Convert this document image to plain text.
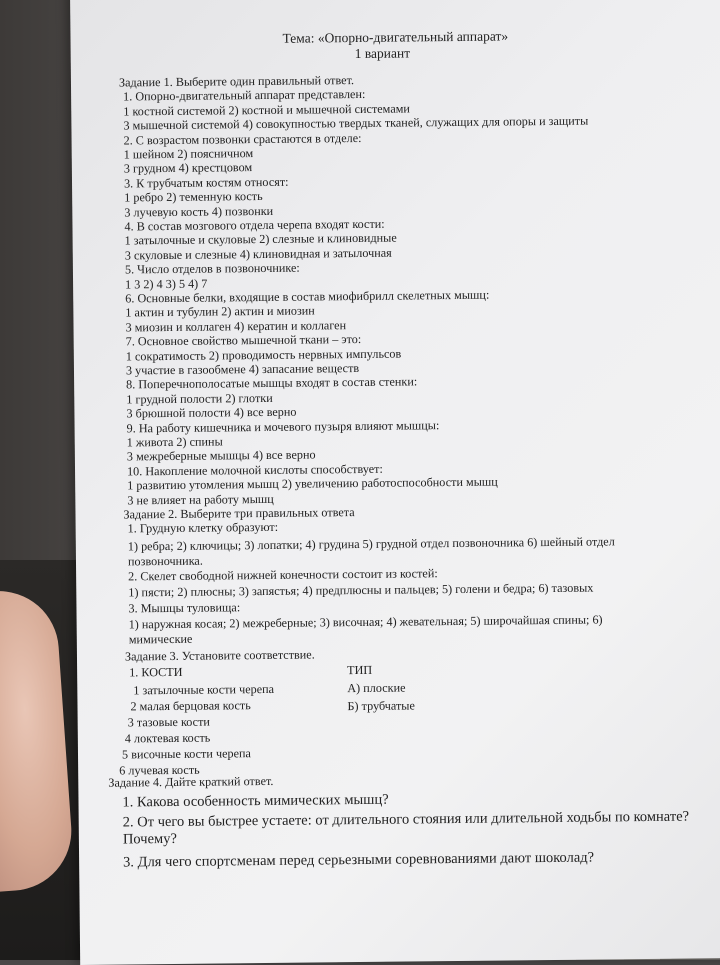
Тема: «Опорно-двигательный аппарат»
1 вариант
Задание 1. Выберите один правильный ответ.
1. Опорно-двигательный аппарат представлен:
1 костной системой 2) костной и мышечной системами
3 мышечной системой 4) совокупностью твердых тканей, служащих для опоры и защиты
2. С возрастом позвонки срастаются в отделе:
1 шейном 2) поясничном
3 грудном 4) крестцовом
3. К трубчатым костям относят:
1 ребро 2) теменную кость
3 лучевую кость 4) позвонки
4. В состав мозгового отдела черепа входят кости:
1 затылочные и скуловые 2) слезные и клиновидные
3 скуловые и слезные 4) клиновидная и затылочная
5. Число отделов в позвоночнике:
1 3 2) 4 3) 5 4) 7
6. Основные белки, входящие в состав миофибрилл скелетных мышц:
1 актин и тубулин 2) актин и миозин
3 миозин и коллаген 4) кератин и коллаген
7. Основное свойство мышечной ткани – это:
1 сократимость 2) проводимость нервных импульсов
3 участие в газообмене 4) запасание веществ
8. Поперечнополосатые мышцы входят в состав стенки:
1 грудной полости 2) глотки
3 брюшной полости 4) все верно
9. На работу кишечника и мочевого пузыря влияют мышцы:
1 живота 2) спины
3 межреберные мышцы 4) все верно
10. Накопление молочной кислоты способствует:
1 развитию утомления мышц 2) увеличению работоспособности мышц
3 не влияет на работу мышц
Задание 2. Выберите три правильных ответа
1. Грудную клетку образуют:
1) ребра; 2) ключицы; 3) лопатки; 4) грудина 5) грудной отдел позвоночника 6) шейный отдел
позвоночника.
2. Скелет свободной нижней конечности состоит из костей:
1) пясти; 2) плюсны; 3) запястья; 4) предплюсны и пальцев; 5) голени и бедра; 6) тазовых
3. Мышцы туловища:
1) наружная косая; 2) межреберные; 3) височная; 4) жевательная; 5) широчайшая спины; 6)
мимические
Задание 3. Установите соответствие.
1. КОСТИ	ТИП
1 затылочные кости черепа
2 малая берцовая кость
3 тазовые кости
4 локтевая кость
5 височные кости черепа
6 лучевая кость
А) плоские
Б) трубчатые
Задание 4. Дайте краткий ответ.
1. Какова особенность мимических мышц?
2. От чего вы быстрее устаете: от длительного стояния или длительной ходьбы по комнате?
Почему?
3. Для чего спортсменам перед серьезными соревнованиями дают шоколад?
